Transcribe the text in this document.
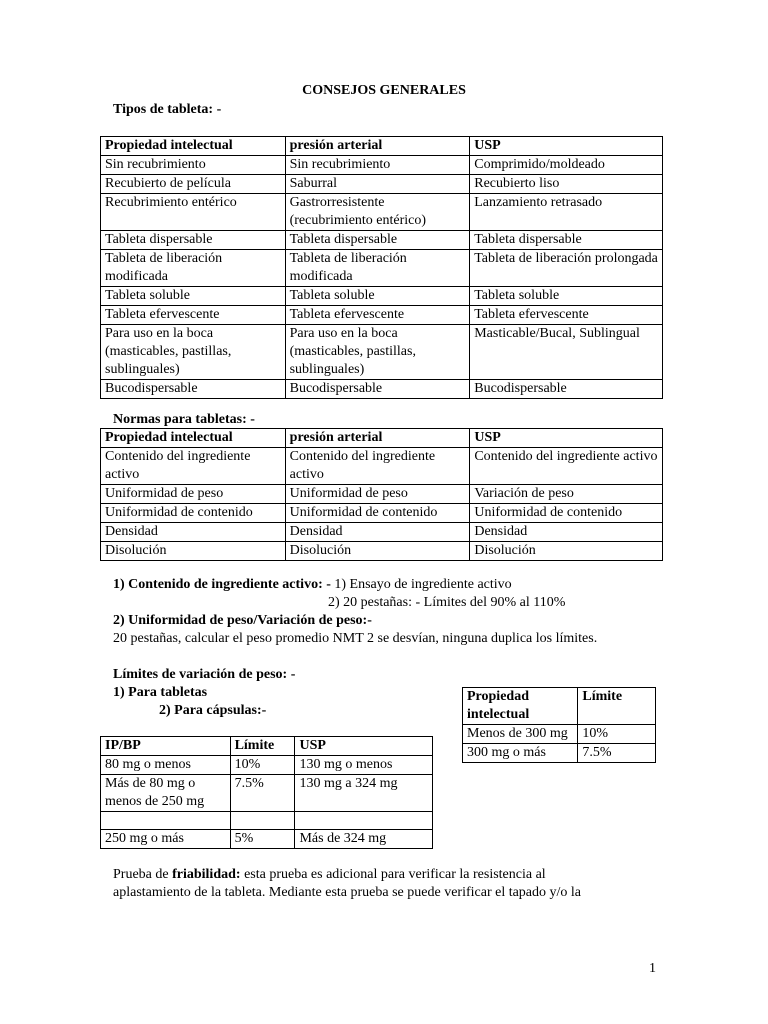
CONSEJOS GENERALES
Tipos de tableta: -
Propiedad intelectual	presión arterial	USP
Sin recubrimiento	Sin recubrimiento	Comprimido/moldeado
Recubierto de película	Saburral	Recubierto liso
Recubrimiento entérico	Gastrorresistente (recubrimiento entérico)	Lanzamiento retrasado
Tableta dispersable	Tableta dispersable	Tableta dispersable
Tableta de liberación modificada	Tableta de liberación modificada	Tableta de liberación prolongada
Tableta soluble	Tableta soluble	Tableta soluble
Tableta efervescente	Tableta efervescente	Tableta efervescente
Para uso en la boca (masticables, pastillas, sublinguales)	Para uso en la boca (masticables, pastillas, sublinguales)	Masticable/Bucal, Sublingual
Bucodispersable	Bucodispersable	Bucodispersable
Normas para tabletas: -
Propiedad intelectual	presión arterial	USP
Contenido del ingrediente activo	Contenido del ingrediente activo	Contenido del ingrediente activo
Uniformidad de peso	Uniformidad de peso	Variación de peso
Uniformidad de contenido	Uniformidad de contenido	Uniformidad de contenido
Densidad	Densidad	Densidad
Disolución	Disolución	Disolución
1) Contenido de ingrediente activo: - 1) Ensayo de ingrediente activo
2) 20 pestañas: - Límites del 90% al 110%
2) Uniformidad de peso/Variación de peso:-
20 pestañas, calcular el peso promedio NMT 2 se desvían, ninguna duplica los límites.
Límites de variación de peso: -
1) Para tabletas
2) Para cápsulas:-
IP/BP	Límite	USP
80 mg o menos	10%	130 mg o menos
Más de 80 mg o menos de 250 mg	7.5%	130 mg a 324 mg

250 mg o más	5%	Más de 324 mg
Propiedad intelectual	Límite
Menos de 300 mg	10%
300 mg o más	7.5%
Prueba de friabilidad: esta prueba es adicional para verificar la resistencia al
aplastamiento de la tableta. Mediante esta prueba se puede verificar el tapado y/o la
1
